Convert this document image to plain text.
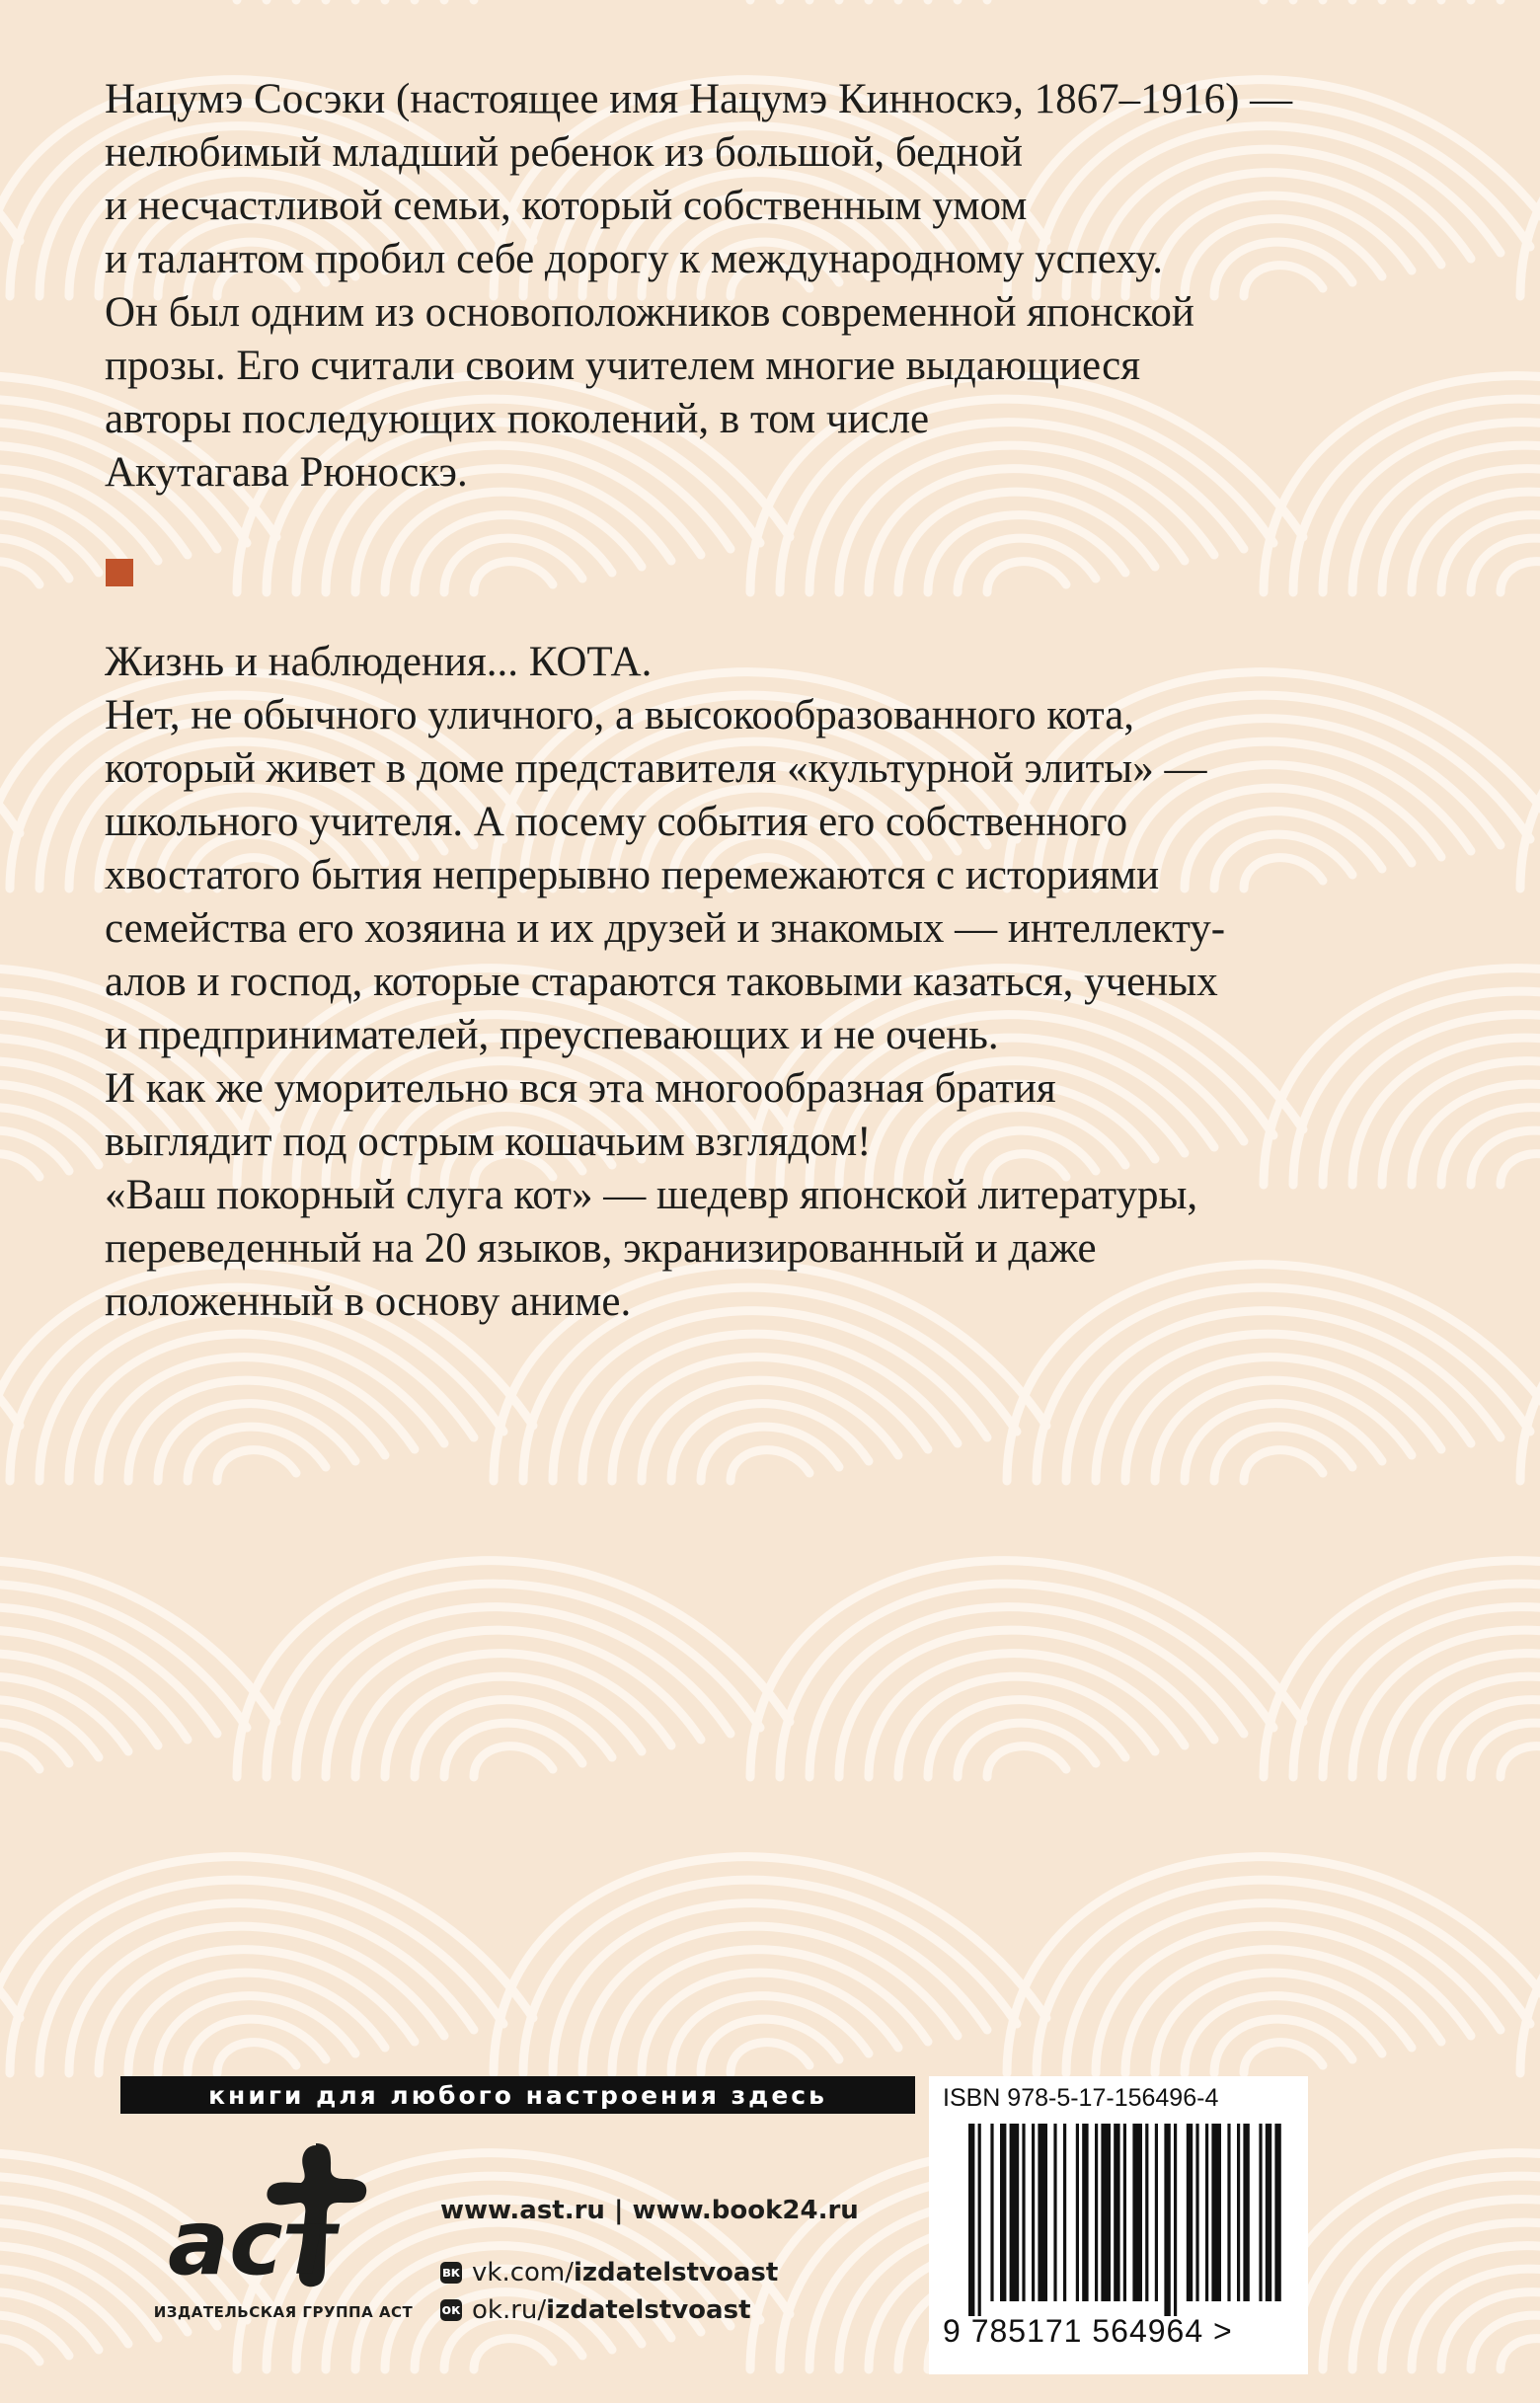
Нацумэ Сосэки (настоящее имя Нацумэ Киннoскэ, 1867–1916) —

нелюбимый младший ребенок из большой, бедной

и несчастливой семьи, который собственным умом

и талантом пробил себе дорогу к международному успеху.

Он был одним из основоположников современной японской

прозы. Его считали своим учителем многие выдающиеся

авторы последующих поколений, в том числе

Акутагава Рюноскэ.

Жизнь и наблюдения... КОТА.

Нет, не обычного уличного, а высокообразованного кота,

который живет в доме представителя «культурной элиты» —

школьного учителя. А посему события его собственного

хвостатого бытия непрерывно перемежаются с историями

семейства его хозяина и их друзей и знакомых — интеллекту-

алов и господ, которые стараются таковыми казаться, ученых

и предпринимателей, преуспевающих и не очень.

И как же уморительно вся эта многообразная братия

выглядит под острым кошачьим взглядом!

«Ваш покорный слуга кот» — шедевр японской литературы,

переведенный на 20 языков, экранизированный и даже

положенный в основу аниме.

книги для любого настроения здесь
аст
ИЗДАТЕЛЬСКАЯ ГРУППА АСТ
www.ast.ru | www.book24.ru
вк vk.com/izdatelstvoast
ок ok.ru/izdatelstvoast
ISBN 978-5-17-156496-4
9 785171 564964 >
